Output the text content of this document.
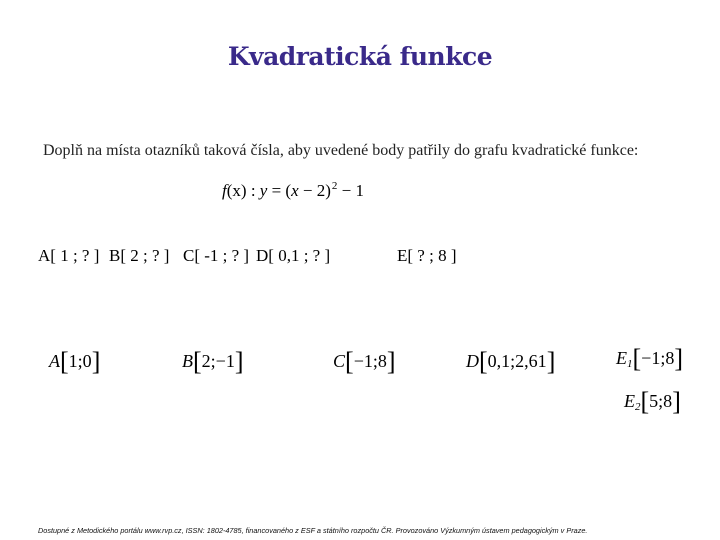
Kvadratická funkce
Doplň na místa otazníků taková čísla, aby uvedené body patřily do grafu kvadratické funkce:
f(x) : $y = (x - 2)^2 - 1$
A[ 1 ; ? ] B[ 2 ; ? ] C[ -1 ; ? ] D[ 0,1 ; ? ]	E[ ? ; 8 ]
A[1;0]	B[2;−1]	C[−1;8]	D[0,1;2,61]	$E_1[-1;8]$
$E_2[5;8]$
Dostupné z Metodického portálu www.rvp.cz, ISSN: 1802-4785, financovaného z ESF a státního rozpočtu ČR. Provozováno Výzkumným ústavem pedagogickým v Praze.
